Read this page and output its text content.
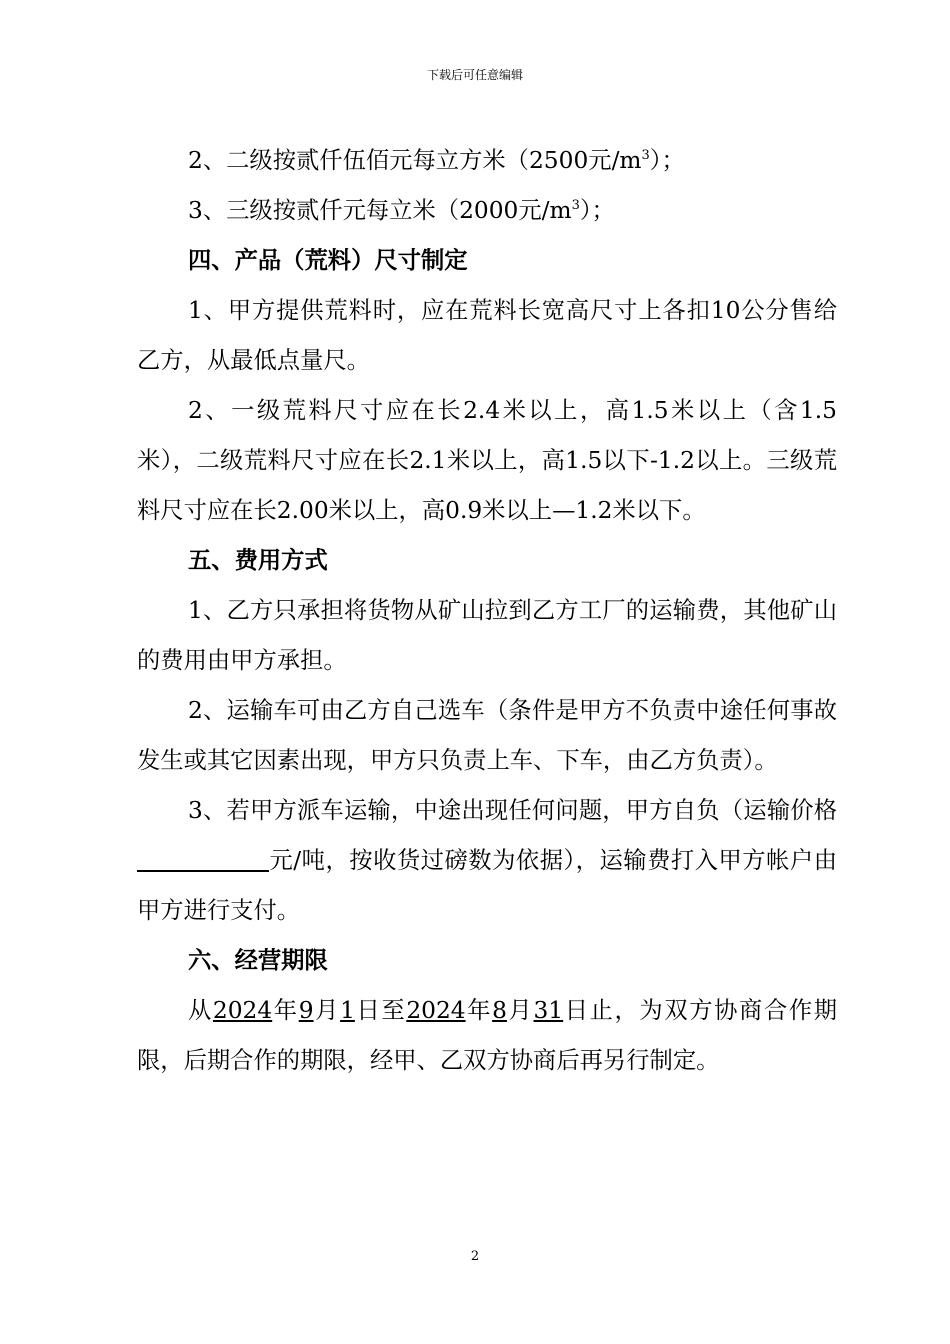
下载后可任意编辑

2、二级按贰仟伍佰元每立方米（2500元$/m^3$）；

3、三级按贰仟元每立米（2000元$/m^3$）；

四、产品（荒料）尺寸制定

1、甲方提供荒料时，应在荒料长宽高尺寸上各扣10公分售给乙方，从最低点量尺。

2、一级荒料尺寸应在长2.4米以上，高1.5米以上（含1.5米），二级荒料尺寸应在长2.1米以上，高1.5以下-1.2以上。三级荒料尺寸应在长2.00米以上，高0.9米以上—1.2米以下。

五、费用方式

1、乙方只承担将货物从矿山拉到乙方工厂的运输费，其他矿山的费用由甲方承担。

2、运输车可由乙方自己选车（条件是甲方不负责中途任何事故发生或其它因素出现，甲方只负责上车、下车，由乙方负责）。

3、若甲方派车运输，中途出现任何问题，甲方自负（运输价格元/吨，按收货过磅数为依据），运输费打入甲方帐户由甲方进行支付。

六、经营期限

从2024年9月1日至2024年8月31日止，为双方协商合作期限，后期合作的期限，经甲、乙双方协商后再另行制定。

2
